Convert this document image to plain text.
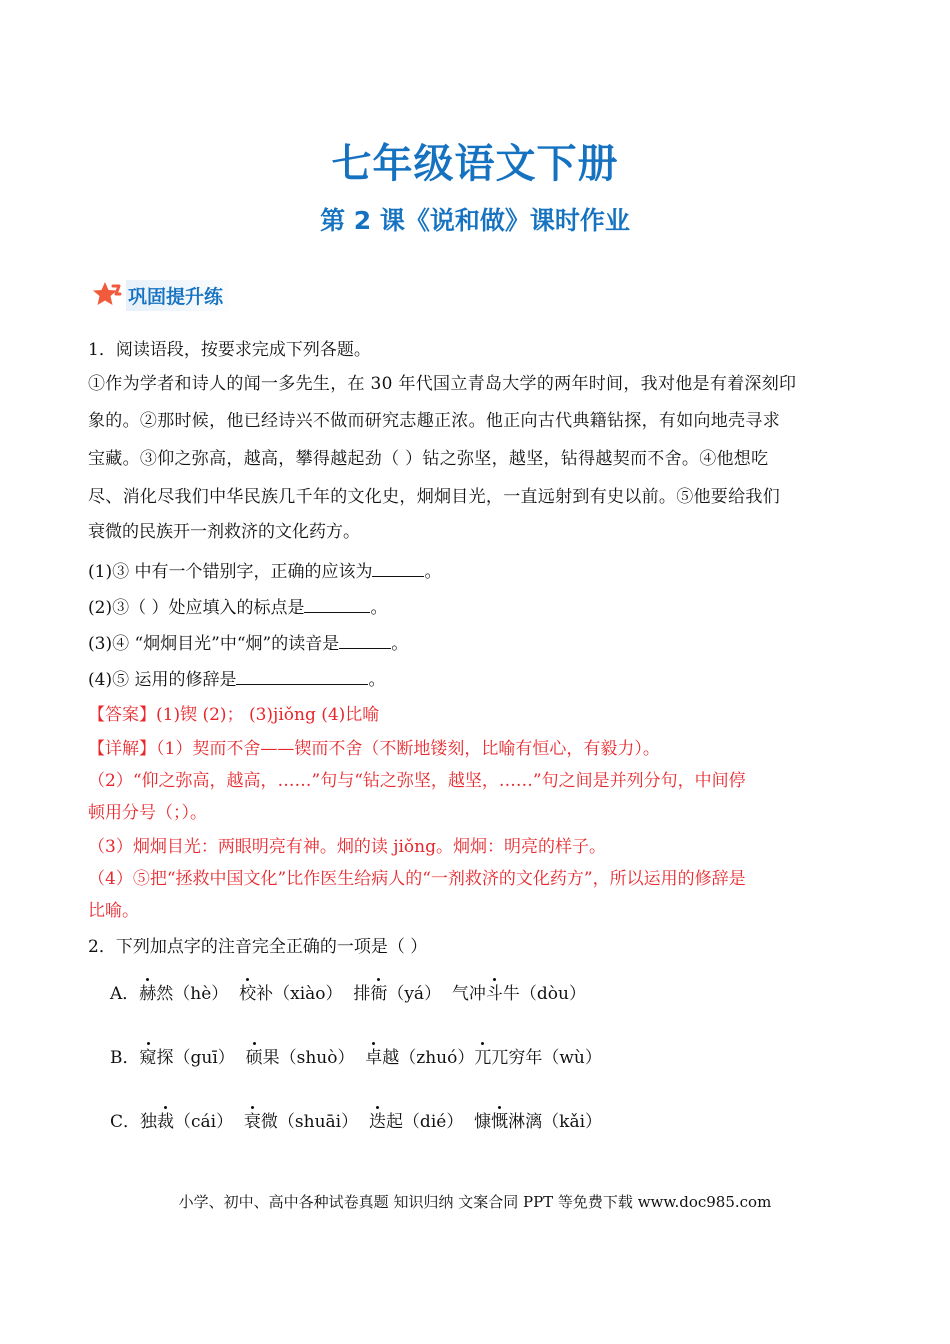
七年级语文下册
第 2 课《说和做》课时作业
巩固提升练
1．阅读语段，按要求完成下列各题。
①作为学者和诗人的闻一多先生，在 30 年代国立青岛大学的两年时间，我对他是有着深刻印
象的。②那时候，他已经诗兴不做而研究志趣正浓。他正向古代典籍钻探，有如向地壳寻求
宝藏。③仰之弥高，越高，攀得越起劲（ ）钻之弥坚，越坚，钻得越契而不舍。④他想吃
尽、消化尽我们中华民族几千年的文化史，炯炯目光，一直远射到有史以前。⑤他要给我们
衰微的民族开一剂救济的文化药方。
(1)③ 中有一个错别字，正确的应该为	。
(2)③（ ）处应填入的标点是	。
(3)④ “炯炯目光”中“炯”的读音是	。
(4)⑤ 运用的修辞是	。
【答案】(1)锲 (2)； (3)jiǒng (4)比喻
【详解】（1）契而不舍——锲而不舍（不断地镂刻，比喻有恒心，有毅力）。
（2）“仰之弥高，越高，……”句与“钻之弥坚，越坚，……”句之间是并列分句，中间停
顿用分号（；）。
（3）炯炯目光：两眼明亮有神。炯的读 jiǒng。炯炯：明亮的样子。
（4）⑤把“拯救中国文化”比作医生给病人的“一剂救济的文化药方”，所以运用的修辞是
比喻。
2．下列加点字的注音完全正确的一项是（ ）
A．赫然（hè） 校补（xiào） 排衙（yá） 气冲斗牛（dòu）
B．窥探（guī） 硕果（shuò） 卓越（zhuó）兀兀穷年（wù）
C．独裁（cái） 衰微（shuāi） 迭起（dié） 慷慨淋漓（kǎi）
小学、初中、高中各种试卷真题 知识归纳 文案合同 PPT 等免费下载 www.doc985.com
